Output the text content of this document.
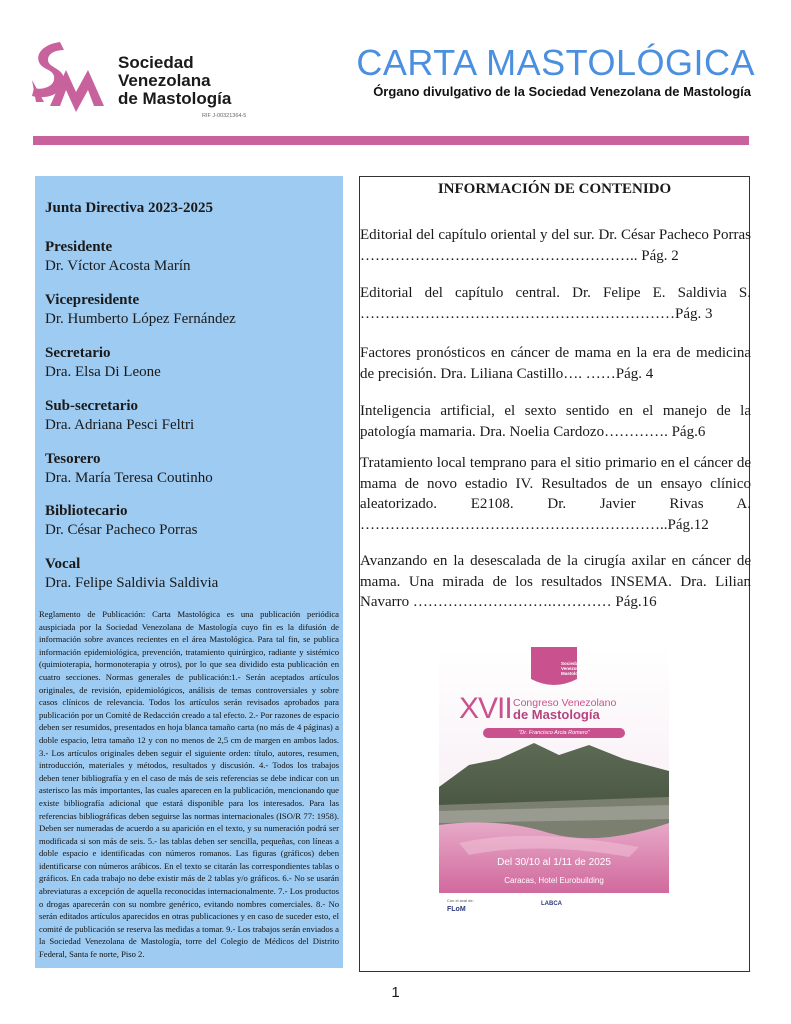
Sociedad
Venezolana
de Mastología
RIF J-00321364-5
CARTA MASTOLÓGICA
Órgano divulgativo de la Sociedad Venezolana de Mastología
Junta Directiva 2023-2025
Presidente
Dr. Víctor Acosta Marín
Vicepresidente
Dr. Humberto López Fernández
Secretario
Dra. Elsa Di Leone
Sub-secretario
Dra. Adriana Pesci Feltri
Tesorero
Dra. María Teresa Coutinho
Bibliotecario
Dr. César Pacheco Porras
Vocal
Dra. Felipe Saldivia Saldivia
Reglamento de Publicación: Carta Mastológica es una publicación periódica auspiciada por la Sociedad Venezolana de Mastología cuyo fin es la difusión de información sobre avances recientes en el área Mastológica. Para tal fin, se publica información epidemiológica, prevención, tratamiento quirúrgico, radiante y sistémico (quimioterapia, hormonoterapia y otros), por lo que sea dividido esta publicación en cuatro secciones. Normas generales de publicación:1.- Serán aceptados artículos originales, de revisión, epidemiológicos, análisis de temas controversiales y sobre casos clínicos de relevancia. Todos los artículos serán revisados aprobados para publicación por un Comité de Redacción creado a tal efecto. 2.- Por razones de espacio deben ser resumidos, presentados en hoja blanca tamaño carta (no más de 4 páginas) a doble espacio, letra tamaño 12 y con no menos de 2,5 cm de margen en ambos lados. 3.- Los artículos originales deben seguir el siguiente orden: título, autores, resumen, introducción, materiales y métodos, resultados y discusión. 4.- Todos los trabajos deben tener bibliografía y en el caso de más de seis referencias se debe indicar con un asterisco las más importantes, las cuales aparecen en la publicación, mencionando que existe bibliografía adicional que estará disponible para los interesados. Para las referencias bibliográficas deben seguirse las normas internacionales (ISO/R 77: 1958). Deben ser numeradas de acuerdo a su aparición en el texto, y su numeración podrá ser modificada si son más de seis. 5.- las tablas deben ser sencilla, pequeñas, con líneas a doble espacio e identificadas con números romanos. Las figuras (gráficos) deben identificarse con números arábicos. En el texto se citarán las correspondientes tablas o gráficos. En cada trabajo no debe existir más de 2 tablas y/o gráficos. 6.- No se usarán abreviaturas a excepción de aquella reconocidas internacionalmente. 7.- Los productos o drogas aparecerán con su nombre genérico, evitando nombres comerciales. 8.- No serán editados artículos aparecidos en otras publicaciones y en caso de suceder esto, el comité de publicación se reserva las medidas a tomar. 9.- Los trabajos serán enviados a la Sociedad Venezolana de Mastología, torre del Colegio de Médicos del Distrito Federal, Santa fe norte, Piso 2.
INFORMACIÓN DE CONTENIDO
Editorial del capítulo oriental y del sur. Dr. César Pacheco Porras ……………………………………………….. Pág. 2
Editorial del capítulo central. Dr. Felipe E. Saldivia S. ………………………………………………………Pág. 3
Factores pronósticos en cáncer de mama en la era de medicina de precisión. Dra. Liliana Castillo…. ……Pág. 4
Inteligencia artificial, el sexto sentido en el manejo de la patología mamaria. Dra. Noelia Cardozo…………. Pág.6
Tratamiento local temprano para el sitio primario en el cáncer de mama de novo estadio IV. Resultados de un ensayo clínico aleatorizado. E2108. Dr. Javier Rivas A. ……………………………………………………..Pág.12
Avanzando en la desescalada de la cirugía axilar en cáncer de mama. Una mirada de los resultados INSEMA. Dra. Lilian Navarro ……………………….………… Pág.16
Sociedad Venezolana de Mastología
XVII Congreso Venezolano
de Mastología
"Dr. Francisco Arcia Romero"
Del 30/10 al 1/11 de 2025
Caracas, Hotel Eurobuilding
Con el aval de:
FLoM
LABCA
1
